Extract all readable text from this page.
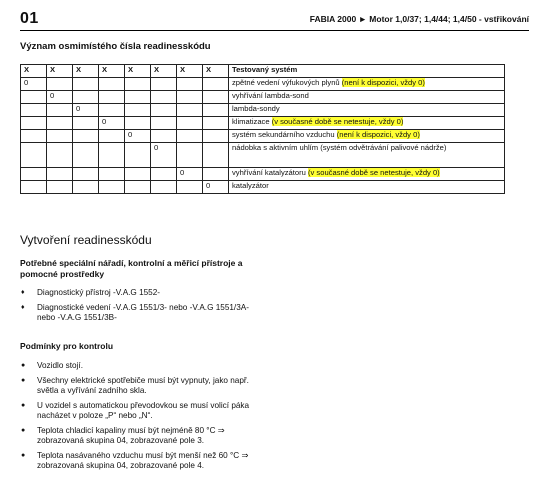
01	FABIA 2000 ► Motor 1,0/37; 1,4/44; 1,4/50 - vstřikování
Význam osmimístého čísla readinesskódu
X	X	X	X	X	X	X	X	Testovaný systém
0								zpětné vedení výfukových plynů (není k dispozici, vždy 0)
	0							vyhřívání lambda-sond
		0						lambda-sondy
			0					klimatizace (v současné době se netestuje, vždy 0)
				0				systém sekundárního vzduchu (není k dispozici, vždy 0)
					0			nádobka s aktivním uhlím (systém odvětrávání palivové nádrže)
						0		vyhřívání katalyzátoru (v současné době se netestuje, vždy 0)
							0	katalyzátor
Vytvoření readinesskódu
Potřebné speciální nářadí, kontrolní a měřicí přístroje a pomocné prostředky
♦ Diagnostický přístroj -V.A.G 1552-
♦ Diagnostické vedení -V.A.G 1551/3- nebo -V.A.G 1551/3A- nebo -V.A.G 1551/3B-
Podmínky pro kontrolu
● Vozidlo stojí.
● Všechny elektrické spotřebiče musí být vypnuty, jako např. světla a vyřívání zadního skla.
● U vozidel s automatickou převodovkou se musí volicí páka nacházet v poloze „P“ nebo „N“.
● Teplota chladicí kapaliny musí být nejméně 80 °C ⇒ zobrazovaná skupina 04, zobrazované pole 3.
● Teplota nasávaného vzduchu musí být menší než 60 °C ⇒ zobrazovaná skupina 04, zobrazované pole 4.
